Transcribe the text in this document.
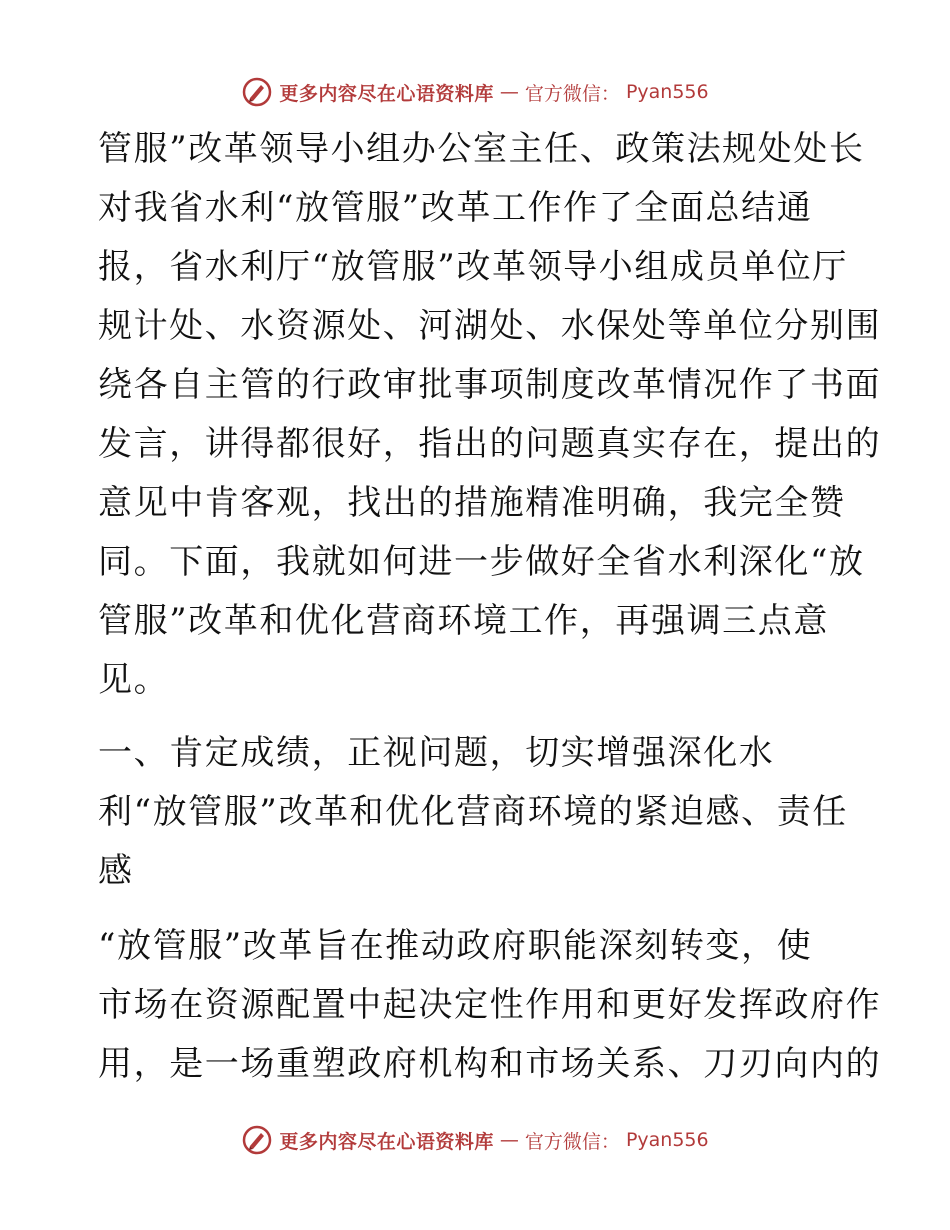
更多内容尽在心语资料库 — 官方微信： Pyan556

管服”改革领导小组办公室主任、政策法规处处长
对我省水利“放管服”改革工作作了全面总结通
报，省水利厅“放管服”改革领导小组成员单位厅
规计处、水资源处、河湖处、水保处等单位分别围
绕各自主管的行政审批事项制度改革情况作了书面
发言，讲得都很好，指出的问题真实存在，提出的
意见中肯客观，找出的措施精准明确，我完全赞
同。下面，我就如何进一步做好全省水利深化“放
管服”改革和优化营商环境工作，再强调三点意
见。

一、肯定成绩，正视问题，切实增强深化水
利“放管服”改革和优化营商环境的紧迫感、责任
感

“放管服”改革旨在推动政府职能深刻转变，使
市场在资源配置中起决定性作用和更好发挥政府作
用，是一场重塑政府机构和市场关系、刀刃向内的

更多内容尽在心语资料库 — 官方微信： Pyan556
